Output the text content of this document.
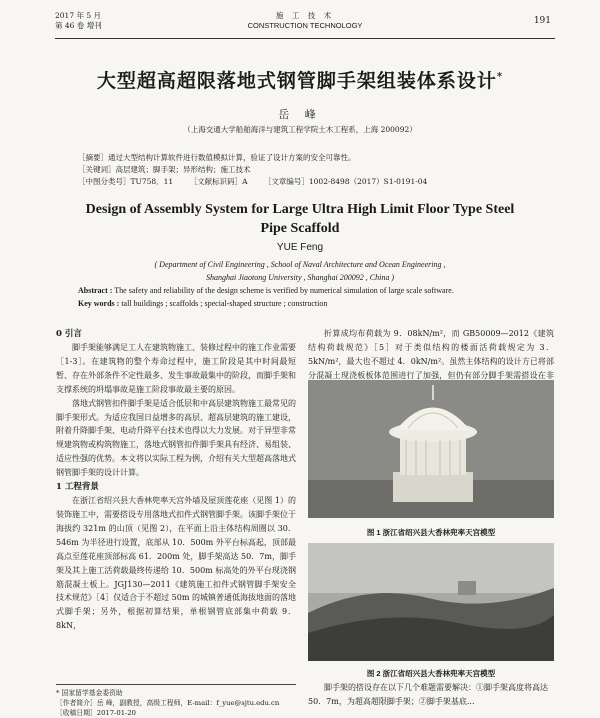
2017 年 5 月
第 46 卷 增刊
施 工 技 术
CONSTRUCTION TECHNOLOGY	191
大型超高超限落地式钢管脚手架组装体系设计*
岳 峰
（上海交通大学船舶海洋与建筑工程学院土木工程系，上海 200092）
［摘要］通过大型结构计算软件进行数值模拟计算，验证了设计方案的安全可靠性。
［关键词］高层建筑；脚手架；异形结构；施工技术
［中图分类号］TU758．11 ［文献标识码］A ［文章编号］1002-8498（2017）S1-0191-04
Design of Assembly System for Large Ultra High Limit Floor Type Steel Pipe Scaffold
YUE Feng
( Department of Civil Engineering , School of Naval Architecture and Ocean Engineering ,
Shanghai Jiaotong University , Shanghai 200092 , China )
Abstract : The safety and reliability of the design scheme is verified by numerical simulation of large scale software.
Key words : tall buildings ; scaffolds ; special-shaped structure ; construction
0 引言

脚手架能够满足工人在建筑物施工、装修过程中的施工作业需要［1-3］。在建筑物的整个寿命过程中，施工阶段是其中时间最短暂、存在外部条件不定性最多、发生事故最集中的阶段，而脚手架和支撑系统的坍塌事故是施工阶段事故最主要的原因。

落地式钢管扣件脚手架是适合低层和中高层建筑物施工最常见的脚手架形式。为适应我国日益增多的高层、超高层建筑的施工建设，附着升降脚手架、电动升降平台技术也得以大力发展。对于异型非常规建筑物或构筑物施工，落地式钢管扣件脚手架具有经济、易组装、适应性强的优势。本文将以实际工程为例，介绍有关大型超高落地式钢管脚手架的设计计算。

1 工程背景

在浙江省绍兴县大香林兜率天宫外墙及屋顶莲花座（见图 1）的装饰施工中，需要搭设专用落地式扣件式钢管脚手架。该脚手架位于海拔约 321m 的山顶（见图 2），在平面上沿主体结构周圈以 30．546m 为半径进行设置，底部从 10．500m 外平台标高起，顶部最高点至莲花座顶部标高 61．200m 处，脚手架高达 50．7m，脚手架及其上施工活荷载最终传递给 10．500m 标高处的外平台现浇钢筋混凝土板上。JGJ130—2011《建筑施工扣件式钢管脚手架安全技术规范》［4］仅适合于不超过 50m 的城镇普通低海拔地面的落地式脚手架；另外，根据初算结果，单根钢管底部集中荷载 9．8kN，

折算成均布荷载为 9．08kN/m²，而 GB50009—2012《建筑结构荷载规范》［5］对于类似结构的楼面活荷载规定为 3．5kN/m²，最大也不超过 4．0kN/m²。虽然主体结构的设计方已将部分混凝土现浇板板体范围进行了加强，但仍有部分脚手架需搭设在非

图 1 浙江省绍兴县大香林兜率天宫模型
图 2 浙江省绍兴县大香林兜率天宫模型
脚手架的搭设存在以下几个难题需要解决：①脚手架高度将高达 50．7m，为超高超限脚手架；②脚手架基底...
* 国家留学基金委资助
［作者简介］岳 峰，副教授，高级工程师，E-mail：f_yue@sjtu.edu.cn
［收稿日期］2017-01-20
